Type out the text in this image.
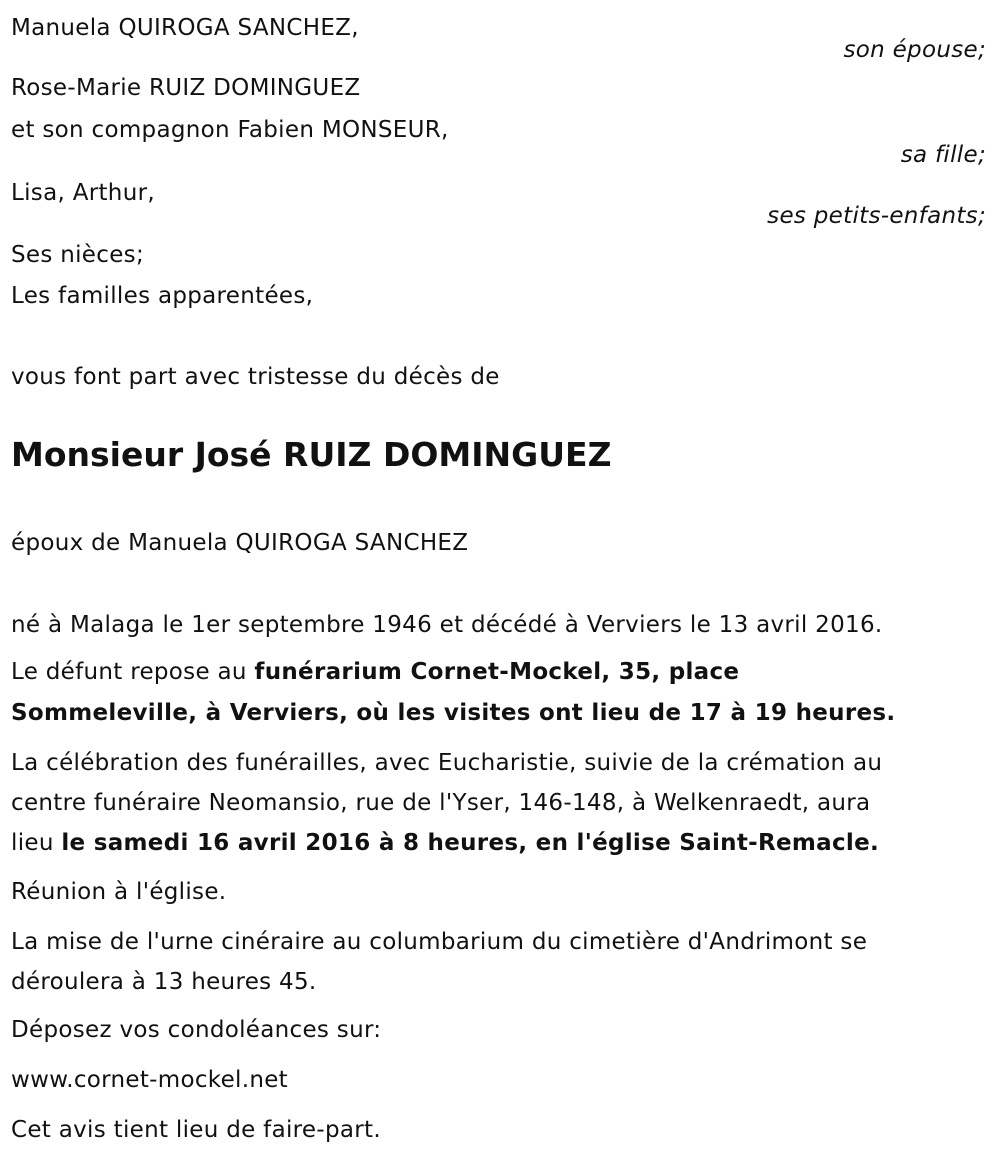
Manuela QUIROGA SANCHEZ,
son épouse;
Rose-Marie RUIZ DOMINGUEZ
et son compagnon Fabien MONSEUR,
sa fille;
Lisa, Arthur,
ses petits-enfants;
Ses nièces;
Les familles apparentées,
vous font part avec tristesse du décès de
Monsieur José RUIZ DOMINGUEZ
époux de Manuela QUIROGA SANCHEZ
né à Malaga le 1er septembre 1946 et décédé à Verviers le 13 avril 2016.
Le défunt repose au funérarium Cornet-Mockel, 35, place
Sommeleville, à Verviers, où les visites ont lieu de 17 à 19 heures.
La célébration des funérailles, avec Eucharistie, suivie de la crémation au
centre funéraire Neomansio, rue de l'Yser, 146-148, à Welkenraedt, aura
lieu le samedi 16 avril 2016 à 8 heures, en l'église Saint-Remacle.
Réunion à l'église.
La mise de l'urne cinéraire au columbarium du cimetière d'Andrimont se
déroulera à 13 heures 45.
Déposez vos condoléances sur:
www.cornet-mockel.net
Cet avis tient lieu de faire-part.
